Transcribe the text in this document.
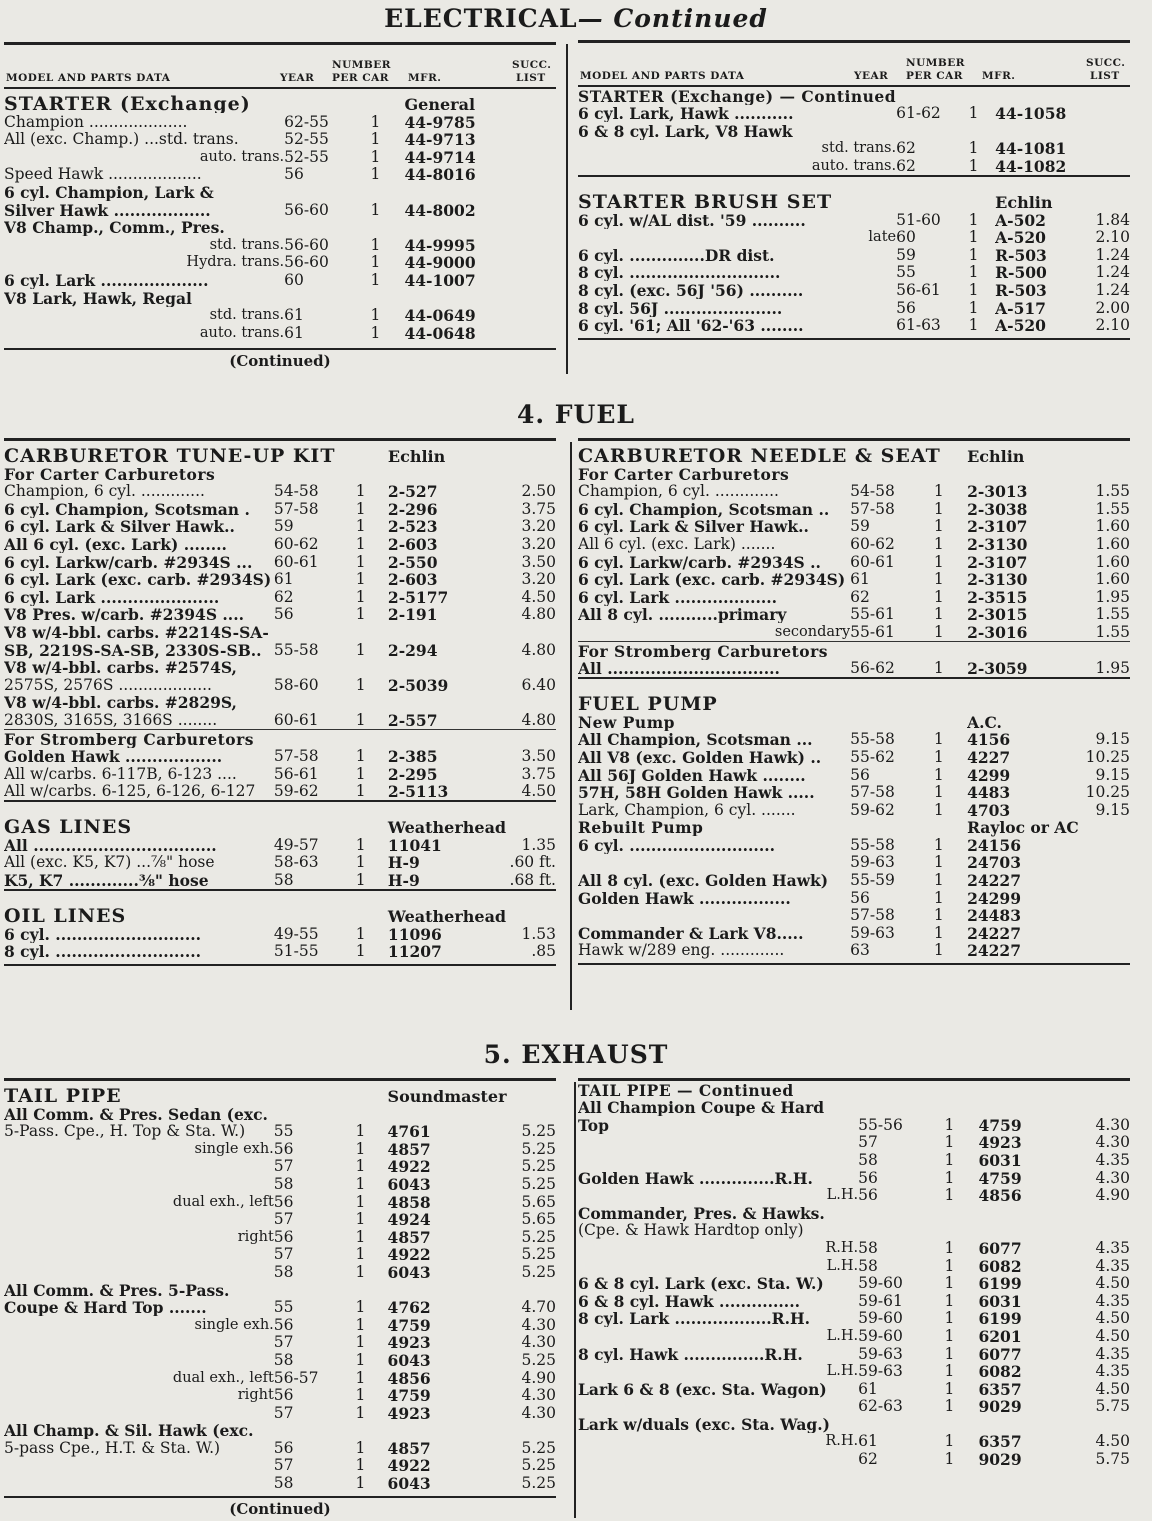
ELECTRICAL— Continued
MODEL AND PARTS DATA	YEAR
NUMBER
PER CAR MFR.
SUCC.
LIST
STARTER (Exchange)			General	
Champion ....................	62-55	1	44-9785	
All (exc. Champ.) ...std. trans.	52-55	1	44-9713	
auto. trans.	52-55	1	44-9714	
Speed Hawk ...................	56	1	44-8016	
6 cyl. Champion, Lark &				
Silver Hawk ..................	56-60	1	44-8002	
V8 Champ., Comm., Pres.				
std. trans.	56-60	1	44-9995	
Hydra. trans.	56-60	1	44-9000	
6 cyl. Lark ....................	60	1	44-1007	
V8 Lark, Hawk, Regal				
std. trans.	61	1	44-0649	
auto. trans.	61	1	44-0648	
(Continued)
MODEL AND PARTS DATA	YEAR
NUMBER
PER CAR MFR.
SUCC.
LIST
STARTER (Exchange) — Continued				
6 cyl. Lark, Hawk ...........	61-62	1	44-1058	
6 & 8 cyl. Lark, V8 Hawk				
std. trans.	62	1	44-1081	
auto. trans.	62	1	44-1082	

STARTER BRUSH SET			Echlin	
6 cyl. w/AL dist. '59 ..........	51-60	1	A-502	1.84
late	60	1	A-520	2.10
6 cyl. ..............DR dist.	59	1	R-503	1.24
8 cyl. ............................	55	1	R-500	1.24
8 cyl. (exc. 56J '56) ..........	56-61	1	R-503	1.24
8 cyl. 56J ......................	56	1	A-517	2.00
6 cyl. '61; All '62-'63 ........	61-63	1	A-520	2.10
4. FUEL
CARBURETOR TUNE-UP KIT			Echlin	
For Carter Carburetors				
Champion, 6 cyl. .............	54-58	1	2-527	2.50
6 cyl. Champion, Scotsman .	57-58	1	2-296	3.75
6 cyl. Lark & Silver Hawk..	59	1	2-523	3.20
All 6 cyl. (exc. Lark) ........	60-62	1	2-603	3.20
6 cyl. Larkw/carb. #2934S ...	60-61	1	2-550	3.50
6 cyl. Lark (exc. carb. #2934S)	61	1	2-603	3.20
6 cyl. Lark ......................	62	1	2-5177	4.50
V8 Pres. w/carb. #2394S ....	56	1	2-191	4.80
V8 w/4-bbl. carbs. #2214S-SA-				
SB, 2219S-SA-SB, 2330S-SB..	55-58	1	2-294	4.80
V8 w/4-bbl. carbs. #2574S,				
2575S, 2576S ...................	58-60	1	2-5039	6.40
V8 w/4-bbl. carbs. #2829S,				
2830S, 3165S, 3166S ........	60-61	1	2-557	4.80
For Stromberg Carburetors				
Golden Hawk ..................	57-58	1	2-385	3.50
All w/carbs. 6-117B, 6-123 ....	56-61	1	2-295	3.75
All w/carbs. 6-125, 6-126, 6-127	59-62	1	2-5113	4.50

GAS LINES			Weatherhead	
All ..................................	49-57	1	11041	1.35
All (exc. K5, K7) ...⅞" hose	58-63	1	H-9	.60 ft.
K5, K7 .............⅜" hose	58	1	H-9	.68 ft.

OIL LINES			Weatherhead	
6 cyl. ...........................	49-55	1	11096	1.53
8 cyl. ...........................	51-55	1	11207	.85
CARBURETOR NEEDLE & SEAT			Echlin	
For Carter Carburetors				
Champion, 6 cyl. .............	54-58	1	2-3013	1.55
6 cyl. Champion, Scotsman ..	57-58	1	2-3038	1.55
6 cyl. Lark & Silver Hawk..	59	1	2-3107	1.60
All 6 cyl. (exc. Lark) .......	60-62	1	2-3130	1.60
6 cyl. Larkw/carb. #2934S ..	60-61	1	2-3107	1.60
6 cyl. Lark (exc. carb. #2934S)	61	1	2-3130	1.60
6 cyl. Lark ...................	62	1	2-3515	1.95
All 8 cyl. ...........primary	55-61	1	2-3015	1.55
secondary	55-61	1	2-3016	1.55
For Stromberg Carburetors				
All ................................	56-62	1	2-3059	1.95

FUEL PUMP				
New Pump			A.C.	
All Champion, Scotsman ...	55-58	1	4156	9.15
All V8 (exc. Golden Hawk) ..	55-62	1	4227	10.25
All 56J Golden Hawk ........	56	1	4299	9.15
57H, 58H Golden Hawk .....	57-58	1	4483	10.25
Lark, Champion, 6 cyl. .......	59-62	1	4703	9.15
Rebuilt Pump			Rayloc or AC	
6 cyl. ...........................	55-58	1	24156	
	59-63	1	24703	
All 8 cyl. (exc. Golden Hawk)	55-59	1	24227	
Golden Hawk .................	56	1	24299	
	57-58	1	24483	
Commander & Lark V8.....	59-63	1	24227	
Hawk w/289 eng. .............	63	1	24227	
5. EXHAUST
TAIL PIPE			Soundmaster	
All Comm. & Pres. Sedan (exc.				
5-Pass. Cpe., H. Top & Sta. W.)	55	1	4761	5.25
single exh.	56	1	4857	5.25
	57	1	4922	5.25
	58	1	6043	5.25
dual exh., left	56	1	4858	5.65
	57	1	4924	5.65
right	56	1	4857	5.25
	57	1	4922	5.25
	58	1	6043	5.25
All Comm. & Pres. 5-Pass.				
Coupe & Hard Top .......	55	1	4762	4.70
single exh.	56	1	4759	4.30
	57	1	4923	4.30
	58	1	6043	5.25
dual exh., left	56-57	1	4856	4.90
right	56	1	4759	4.30
	57	1	4923	4.30
All Champ. & Sil. Hawk (exc.				
5-pass Cpe., H.T. & Sta. W.)	56	1	4857	5.25
	57	1	4922	5.25
	58	1	6043	5.25
(Continued)
TAIL PIPE — Continued				
All Champion Coupe & Hard				
Top	55-56	1	4759	4.30
	57	1	4923	4.30
	58	1	6031	4.35
Golden Hawk ..............R.H.	56	1	4759	4.30
L.H.	56	1	4856	4.90
Commander, Pres. & Hawks.				
(Cpe. & Hawk Hardtop only)				
R.H.	58	1	6077	4.35
L.H.	58	1	6082	4.35
6 & 8 cyl. Lark (exc. Sta. W.)	59-60	1	6199	4.50
6 & 8 cyl. Hawk ...............	59-61	1	6031	4.35
8 cyl. Lark ..................R.H.	59-60	1	6199	4.50
L.H.	59-60	1	6201	4.50
8 cyl. Hawk ...............R.H.	59-63	1	6077	4.35
L.H.	59-63	1	6082	4.35
Lark 6 & 8 (exc. Sta. Wagon)	61	1	6357	4.50
	62-63	1	9029	5.75
Lark w/duals (exc. Sta. Wag.)				
R.H.	61	1	6357	4.50
	62	1	9029	5.75
